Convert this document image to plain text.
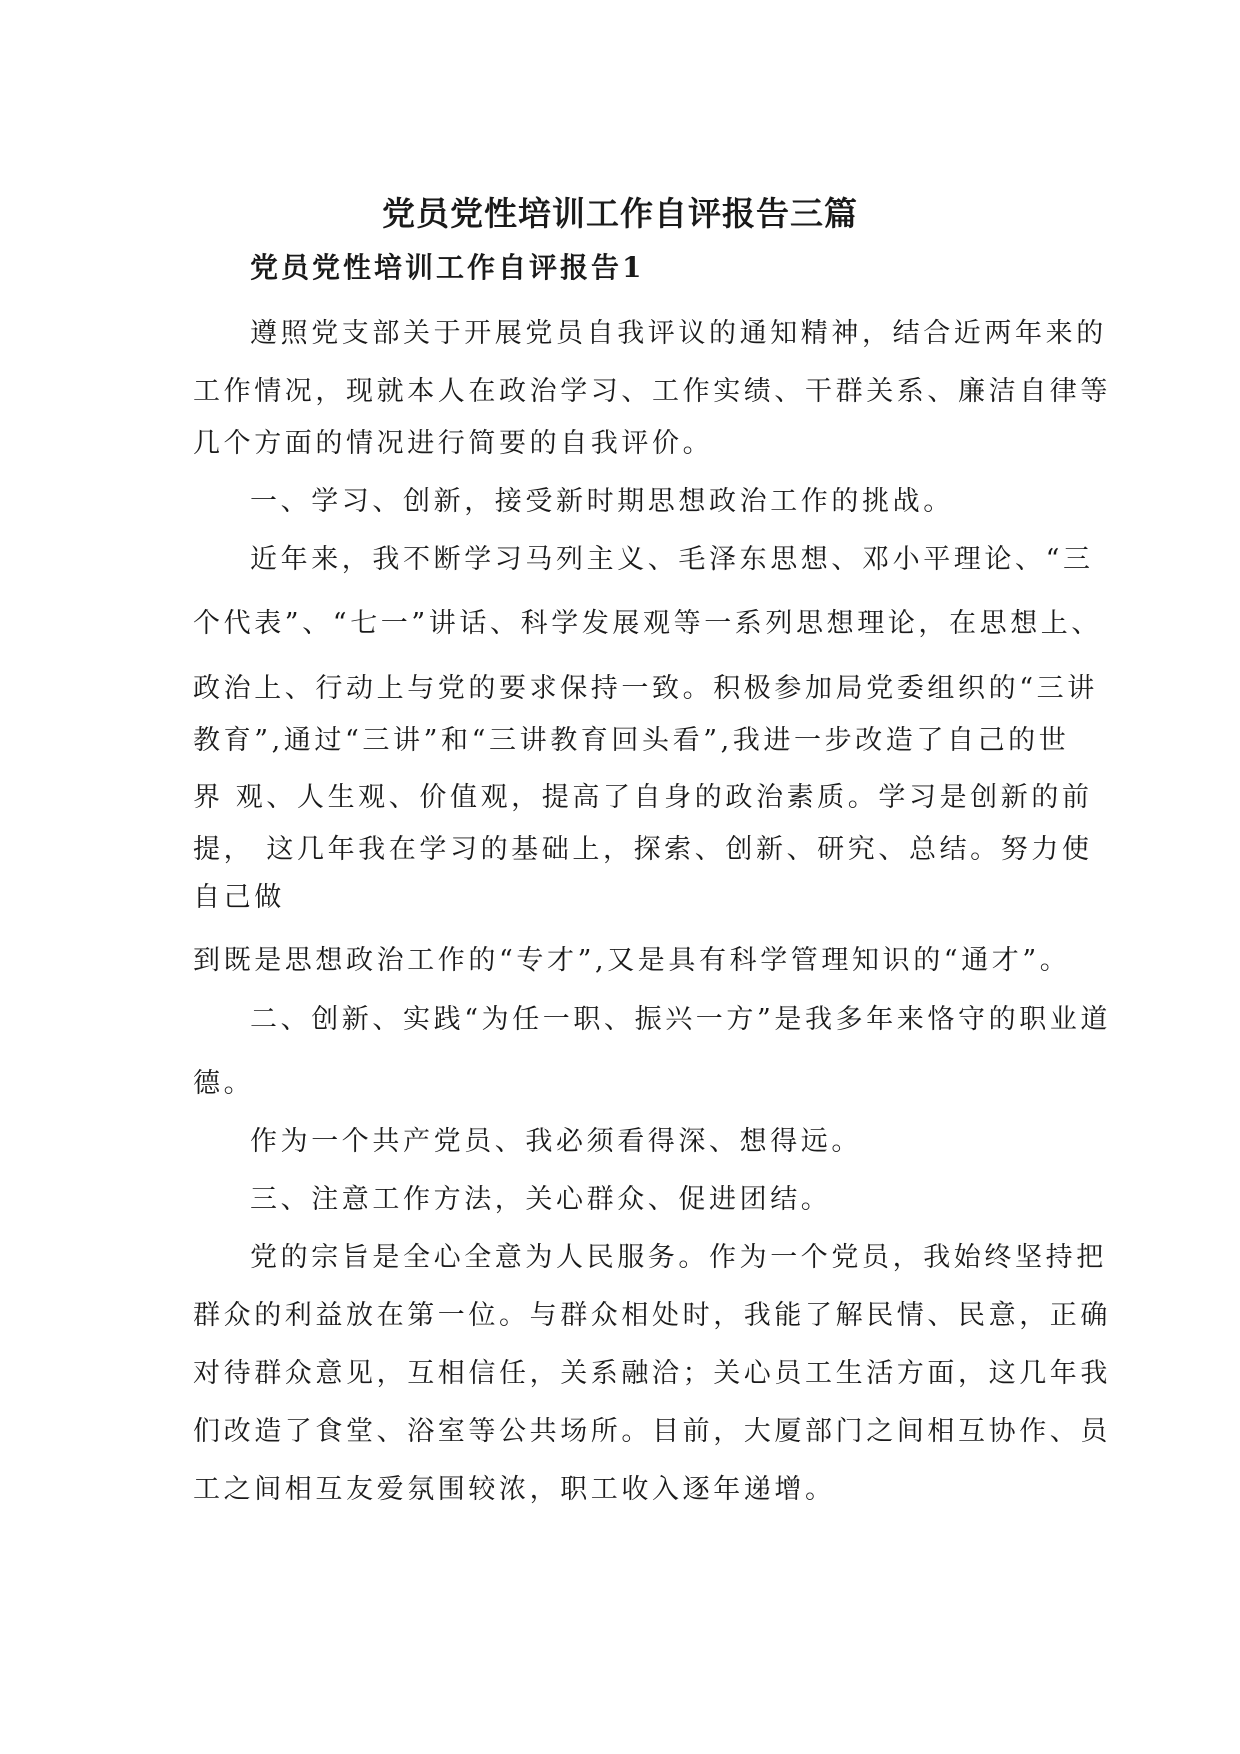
党员党性培训工作自评报告三篇
党员党性培训工作自评报告1

遵照党支部关于开展党员自我评议的通知精神，结合近两年来的

工作情况，现就本人在政治学习、工作实绩、干群关系、廉洁自律等

几个方面的情况进行简要的自我评价。

一、学习、创新，接受新时期思想政治工作的挑战。

近年来，我不断学习马列主义、毛泽东思想、邓小平理论、“三

个代表”、“七一”讲话、科学发展观等一系列思想理论，在思想上、

政治上、行动上与党的要求保持一致。积极参加局党委组织的“三讲

教育”,通过“三讲”和“三讲教育回头看”,我进一步改造了自己的世

界 观、人生观、价值观，提高了自身的政治素质。学习是创新的前

提， 这几年我在学习的基础上，探索、创新、研究、总结。努力使

自己做

到既是思想政治工作的“专才”,又是具有科学管理知识的“通才”。

二、创新、实践“为任一职、振兴一方”是我多年来恪守的职业道

德。

作为一个共产党员、我必须看得深、想得远。

三、注意工作方法，关心群众、促进团结。

党的宗旨是全心全意为人民服务。作为一个党员，我始终坚持把

群众的利益放在第一位。与群众相处时，我能了解民情、民意，正确

对待群众意见，互相信任，关系融洽；关心员工生活方面，这几年我

们改造了食堂、浴室等公共场所。目前，大厦部门之间相互协作、员

工之间相互友爱氛围较浓，职工收入逐年递增。
